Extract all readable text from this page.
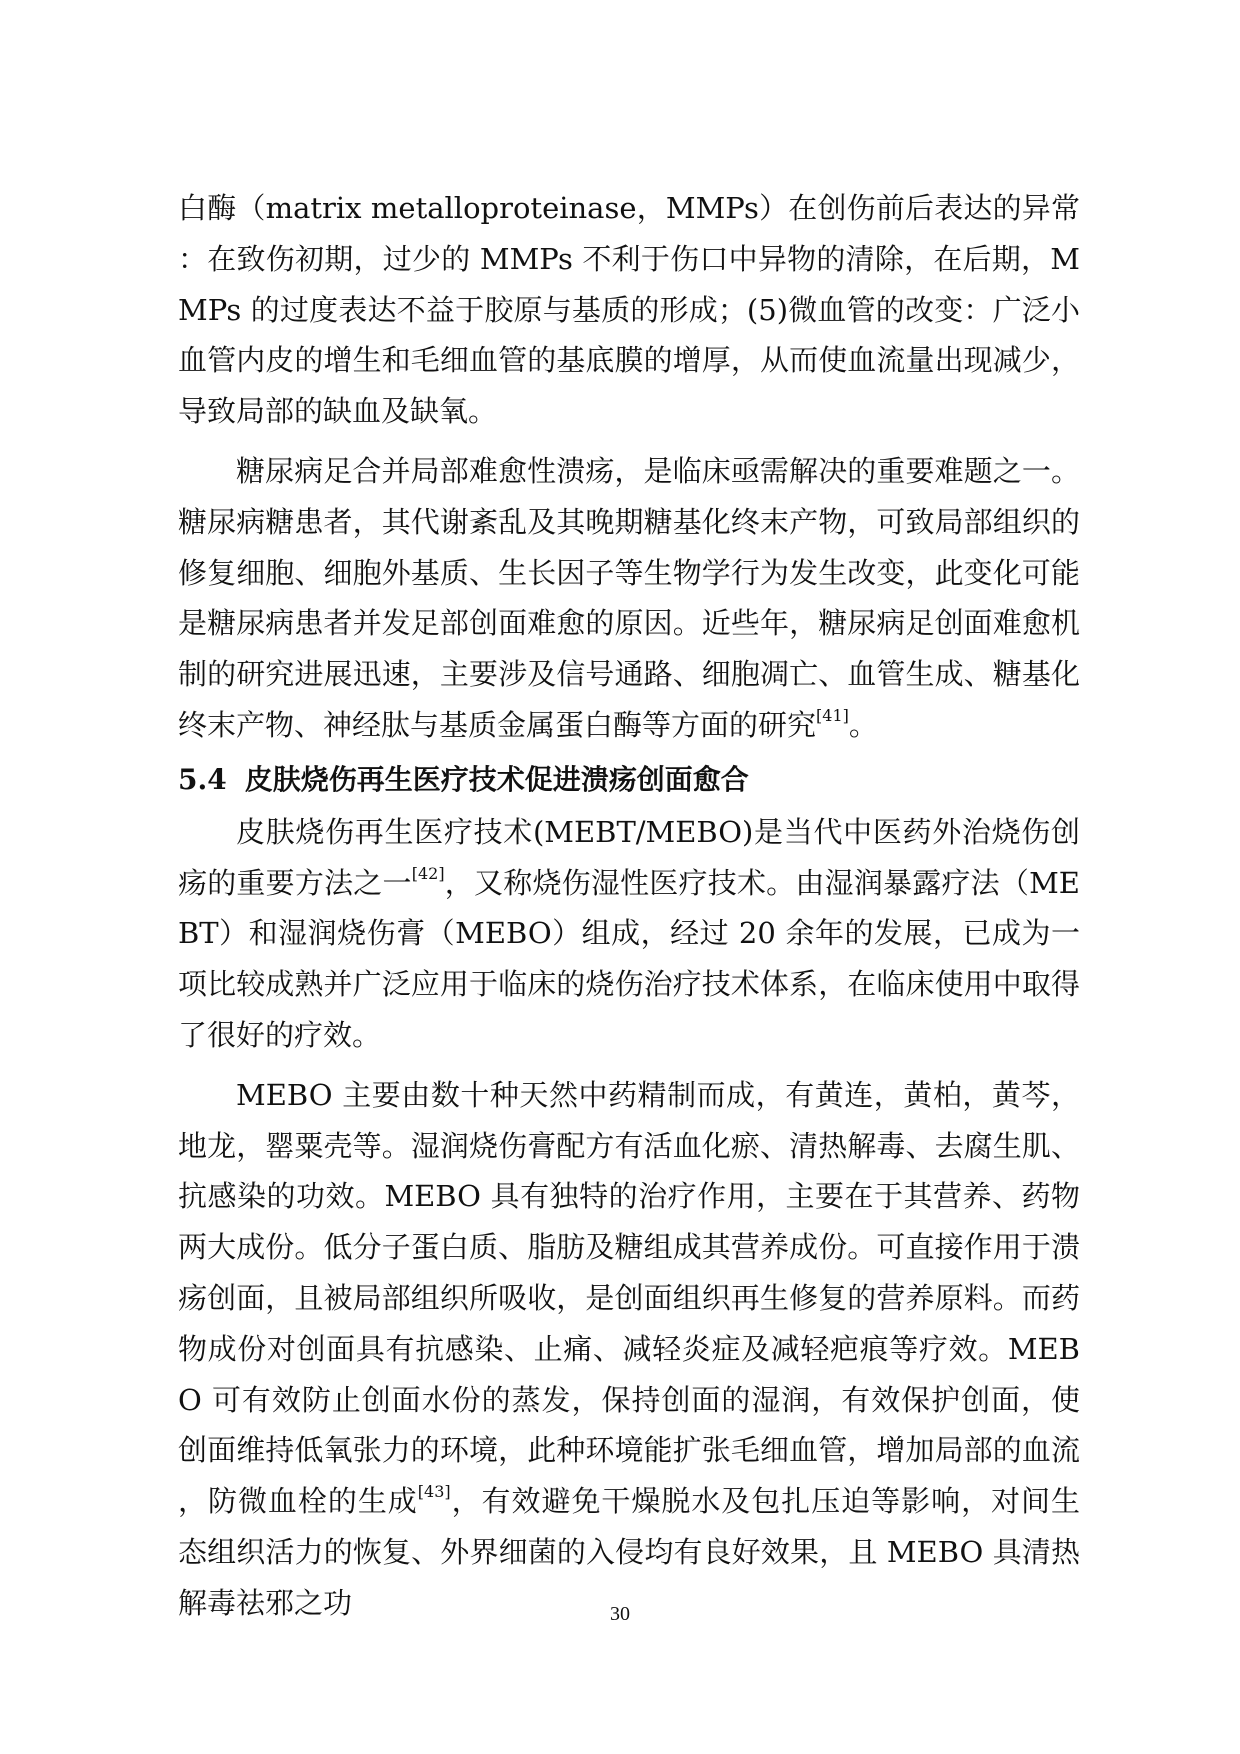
白酶（matrix metalloproteinase，MMPs）在创伤前后表达的异常：在致伤初期，过少的 MMPs 不利于伤口中异物的清除，在后期，MMPs 的过度表达不益于胶原与基质的形成；(5)微血管的改变：广泛小血管内皮的增生和毛细血管的基底膜的增厚，从而使血流量出现减少，导致局部的缺血及缺氧。

糖尿病足合并局部难愈性溃疡，是临床亟需解决的重要难题之一。糖尿病糖患者，其代谢紊乱及其晚期糖基化终末产物，可致局部组织的修复细胞、细胞外基质、生长因子等生物学行为发生改变，此变化可能是糖尿病患者并发足部创面难愈的原因。近些年，糖尿病足创面难愈机制的研究进展迅速，主要涉及信号通路、细胞凋亡、血管生成、糖基化终末产物、神经肽与基质金属蛋白酶等方面的研究[41]。

5.4 皮肤烧伤再生医疗技术促进溃疡创面愈合

皮肤烧伤再生医疗技术(MEBT/MEBO)是当代中医药外治烧伤创疡的重要方法之一[42]，又称烧伤湿性医疗技术。由湿润暴露疗法（MEBT）和湿润烧伤膏（MEBO）组成，经过 20 余年的发展，已成为一项比较成熟并广泛应用于临床的烧伤治疗技术体系，在临床使用中取得了很好的疗效。

MEBO 主要由数十种天然中药精制而成，有黄连，黄柏，黄芩，地龙，罂粟壳等。湿润烧伤膏配方有活血化瘀、清热解毒、去腐生肌、抗感染的功效。MEBO 具有独特的治疗作用，主要在于其营养、药物两大成份。低分子蛋白质、脂肪及糖组成其营养成份。可直接作用于溃疡创面，且被局部组织所吸收，是创面组织再生修复的营养原料。而药物成份对创面具有抗感染、止痛、减轻炎症及减轻疤痕等疗效。MEBO 可有效防止创面水份的蒸发，保持创面的湿润，有效保护创面，使创面维持低氧张力的环境，此种环境能扩张毛细血管，增加局部的血流，防微血栓的生成[43]，有效避免干燥脱水及包扎压迫等影响，对间生态组织活力的恢复、外界细菌的入侵均有良好效果，且 MEBO 具清热解毒祛邪之功	30
